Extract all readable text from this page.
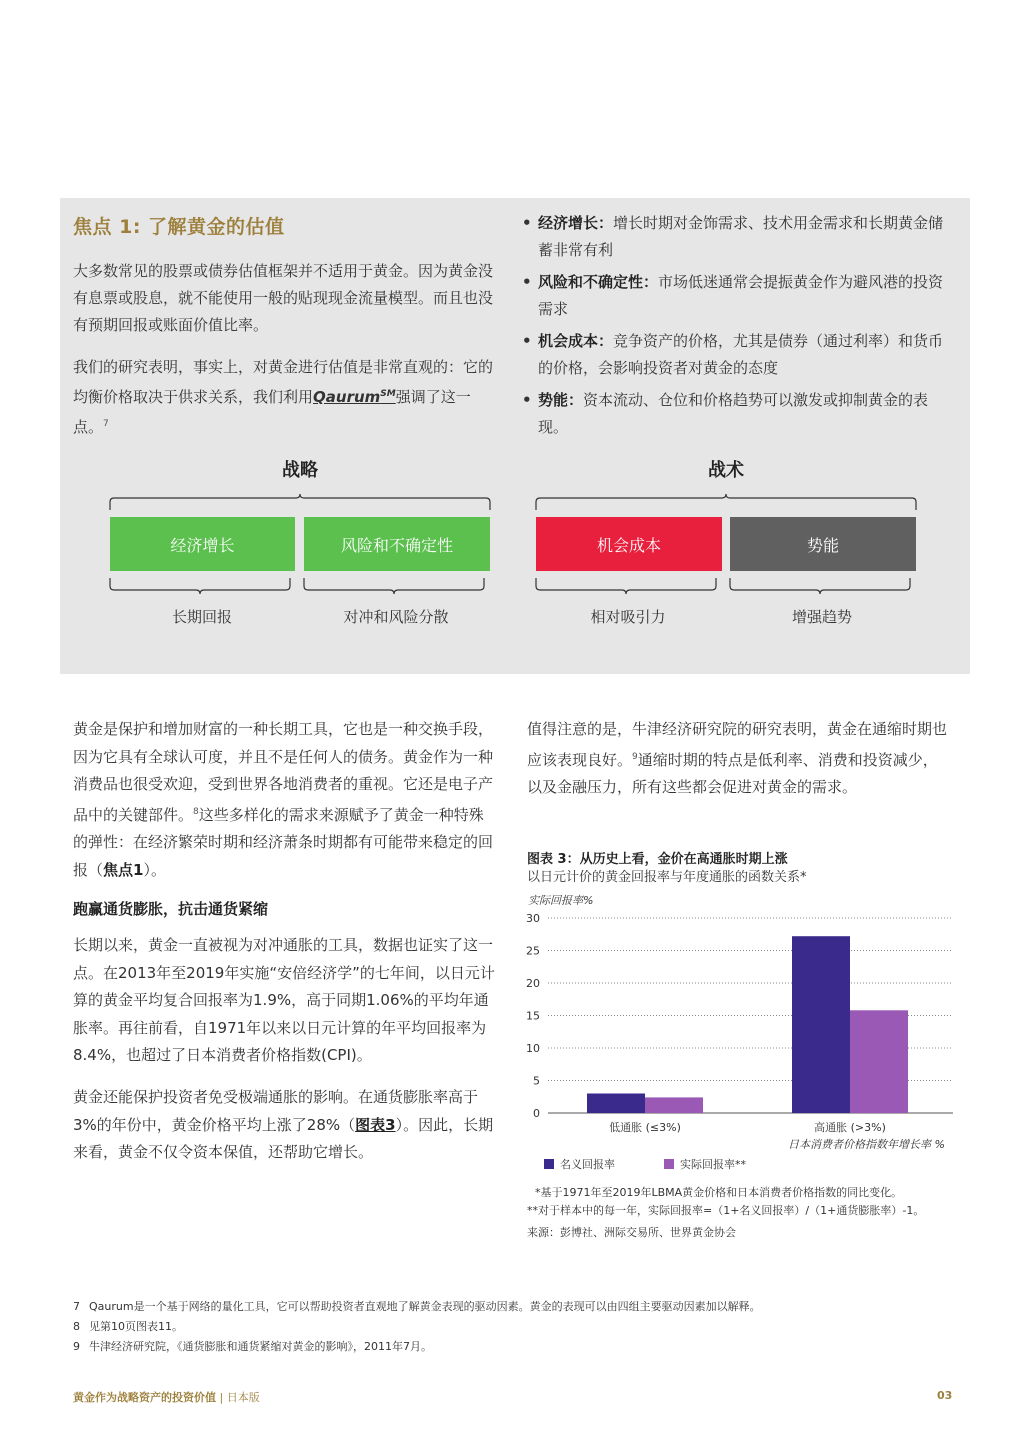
焦点 1: 了解黄金的估值
大多数常见的股票或债券估值框架并不适用于黄金。因为黄金没有息票或股息，就不能使用一般的贴现现金流量模型。而且也没有预期回报或账面价值比率。
我们的研究表明，事实上，对黄金进行估值是非常直观的：它的均衡价格取决于供求关系，我们利用Qaurum℠强调了这一点。$^7$
• 经济增长：增长时期对金饰需求、技术用金需求和长期黄金储蓄非常有利
• 风险和不确定性：市场低迷通常会提振黄金作为避风港的投资需求
• 机会成本：竞争资产的价格，尤其是债券（通过利率）和货币的价格，会影响投资者对黄金的态度
• 势能：资本流动、仓位和价格趋势可以激发或抑制黄金的表现。
战略	战术
经济增长	风险和不确定性	机会成本	势能
长期回报	对冲和风险分散	相对吸引力	增强趋势
黄金是保护和增加财富的一种长期工具，它也是一种交换手段，因为它具有全球认可度，并且不是任何人的债务。黄金作为一种消费品也很受欢迎，受到世界各地消费者的重视。它还是电子产品中的关键部件。$^8$这些多样化的需求来源赋予了黄金一种特殊的弹性：在经济繁荣时期和经济萧条时期都有可能带来稳定的回报（焦点1）。
跑赢通货膨胀，抗击通货紧缩
长期以来，黄金一直被视为对冲通胀的工具，数据也证实了这一点。在2013年至2019年实施“安倍经济学”的七年间，以日元计算的黄金平均复合回报率为1.9%，高于同期1.06%的平均年通胀率。再往前看，自1971年以来以日元计算的年平均回报率为8.4%，也超过了日本消费者价格指数(CPI)。
黄金还能保护投资者免受极端通胀的影响。在通货膨胀率高于3%的年份中，黄金价格平均上涨了28%（图表3）。因此，长期来看，黄金不仅令资本保值，还帮助它增长。
值得注意的是，牛津经济研究院的研究表明，黄金在通缩时期也应该表现良好。$^9$通缩时期的特点是低利率、消费和投资减少，以及金融压力，所有这些都会促进对黄金的需求。
图表 3：从历史上看，金价在高通胀时期上涨
以日元计价的黄金回报率与年度通胀的函数关系*
实际回报率%
0
5
10
15
20
25
30
低通胀 (≤3%)	高通胀 (>3%)
日本消费者价格指数年增长率 %
名义回报率	实际回报率**
*基于1971年至2019年LBMA黄金价格和日本消费者价格指数的同比变化。
**对于样本中的每一年，实际回报率=（1+名义回报率）/（1+通货膨胀率）-1。
来源：彭博社、洲际交易所、世界黄金协会
7 Qaurum是一个基于网络的量化工具，它可以帮助投资者直观地了解黄金表现的驱动因素。黄金的表现可以由四组主要驱动因素加以解释。
8 见第10页图表11。
9 牛津经济研究院，《通货膨胀和通货紧缩对黄金的影响》，2011年7月。
黄金作为战略资产的投资价值 | 日本版	03
